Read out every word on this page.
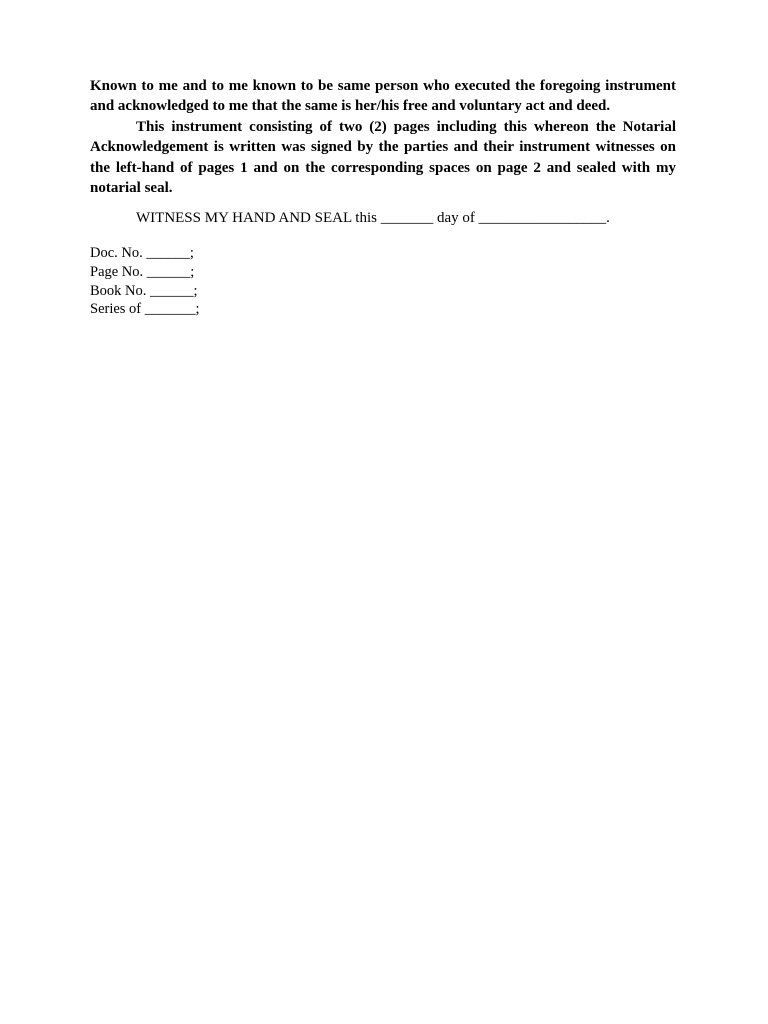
Known to me and to me known to be same person who executed the foregoing instrument and acknowledged to me that the same is her/his free and voluntary act and deed.

This instrument consisting of two (2) pages including this whereon the Notarial Acknowledgement is written was signed by the parties and their instrument witnesses on the left-hand of pages 1 and on the corresponding spaces on page 2 and sealed with my notarial seal.

WITNESS MY HAND AND SEAL this _______ day of _________________.

Doc. No. ______;
Page No. ______;
Book No. ______;
Series of _______;
